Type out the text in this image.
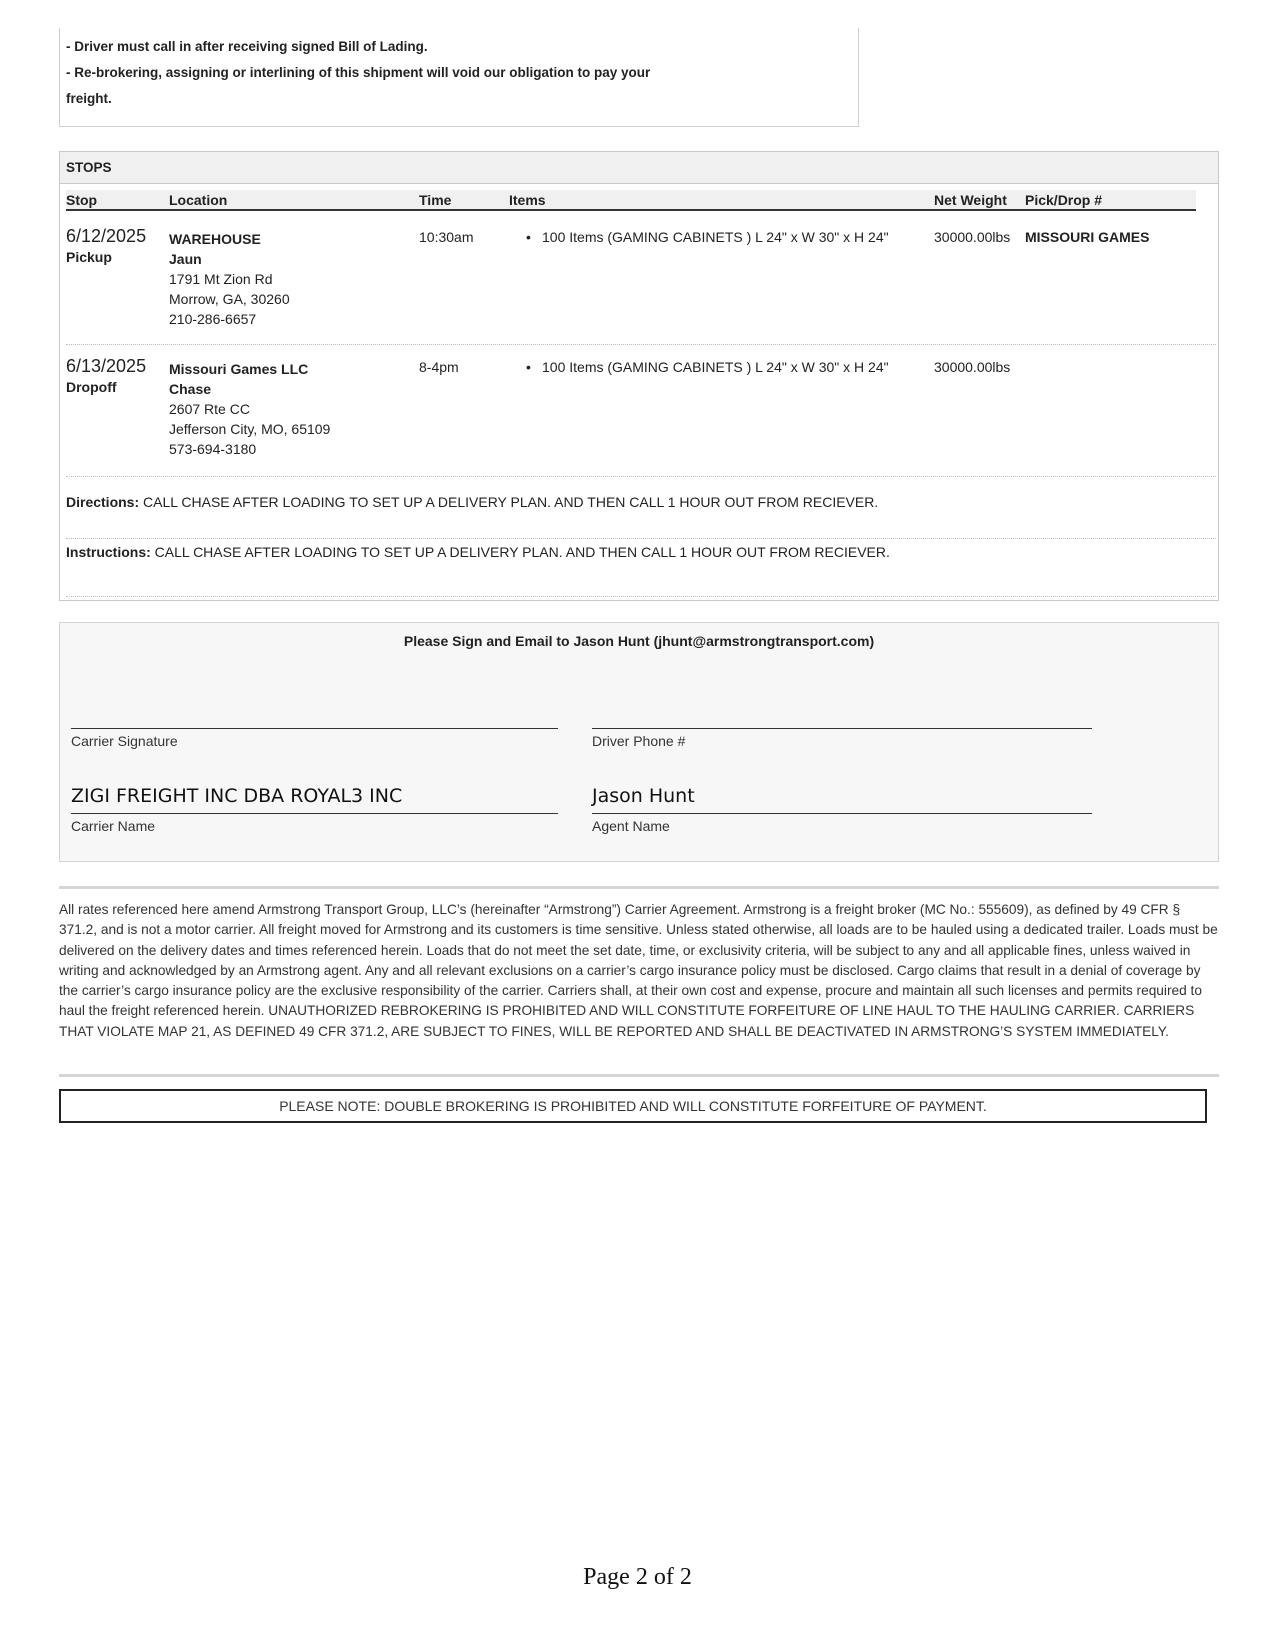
- Driver must call in after receiving signed Bill of Lading.
- Re-brokering, assigning or interlining of this shipment will void our obligation to pay your
freight.
STOPS
Stop	Location	Time	Items	Net Weight Pick/Drop #
6/12/2025
Pickup
WAREHOUSE
Jaun
1791 Mt Zion Rd
Morrow, GA, 30260
210-286-6657
10:30am	• 100 Items (GAMING CABINETS ) L 24" x W 30" x H 24"	30000.00lbs MISSOURI GAMES
6/13/2025
Dropoff
Missouri Games LLC
Chase
2607 Rte CC
Jefferson City, MO, 65109
573-694-3180
8-4pm	• 100 Items (GAMING CABINETS ) L 24" x W 30" x H 24"	30000.00lbs
Directions: CALL CHASE AFTER LOADING TO SET UP A DELIVERY PLAN. AND THEN CALL 1 HOUR OUT FROM RECIEVER.
Instructions: CALL CHASE AFTER LOADING TO SET UP A DELIVERY PLAN. AND THEN CALL 1 HOUR OUT FROM RECIEVER.
Please Sign and Email to Jason Hunt (jhunt@armstrongtransport.com)
Carrier Signature	Driver Phone #
ZIGI FREIGHT INC DBA ROYAL3 INC
Carrier Name
Jason Hunt
Agent Name
All rates referenced here amend Armstrong Transport Group, LLC’s (hereinafter “Armstrong”) Carrier Agreement. Armstrong is a freight broker (MC No.: 555609), as defined by 49 CFR § 371.2, and is not a motor carrier. All freight moved for Armstrong and its customers is time sensitive. Unless stated otherwise, all loads are to be hauled using a dedicated trailer. Loads must be delivered on the delivery dates and times referenced herein. Loads that do not meet the set date, time, or exclusivity criteria, will be subject to any and all applicable fines, unless waived in writing and acknowledged by an Armstrong agent. Any and all relevant exclusions on a carrier’s cargo insurance policy must be disclosed. Cargo claims that result in a denial of coverage by the carrier’s cargo insurance policy are the exclusive responsibility of the carrier. Carriers shall, at their own cost and expense, procure and maintain all such licenses and permits required to haul the freight referenced herein. UNAUTHORIZED REBROKERING IS PROHIBITED AND WILL CONSTITUTE FORFEITURE OF LINE HAUL TO THE HAULING CARRIER. CARRIERS THAT VIOLATE MAP 21, AS DEFINED 49 CFR 371.2, ARE SUBJECT TO FINES, WILL BE REPORTED AND SHALL BE DEACTIVATED IN ARMSTRONG’S SYSTEM IMMEDIATELY.
PLEASE NOTE: DOUBLE BROKERING IS PROHIBITED AND WILL CONSTITUTE FORFEITURE OF PAYMENT.
Page 2 of 2
